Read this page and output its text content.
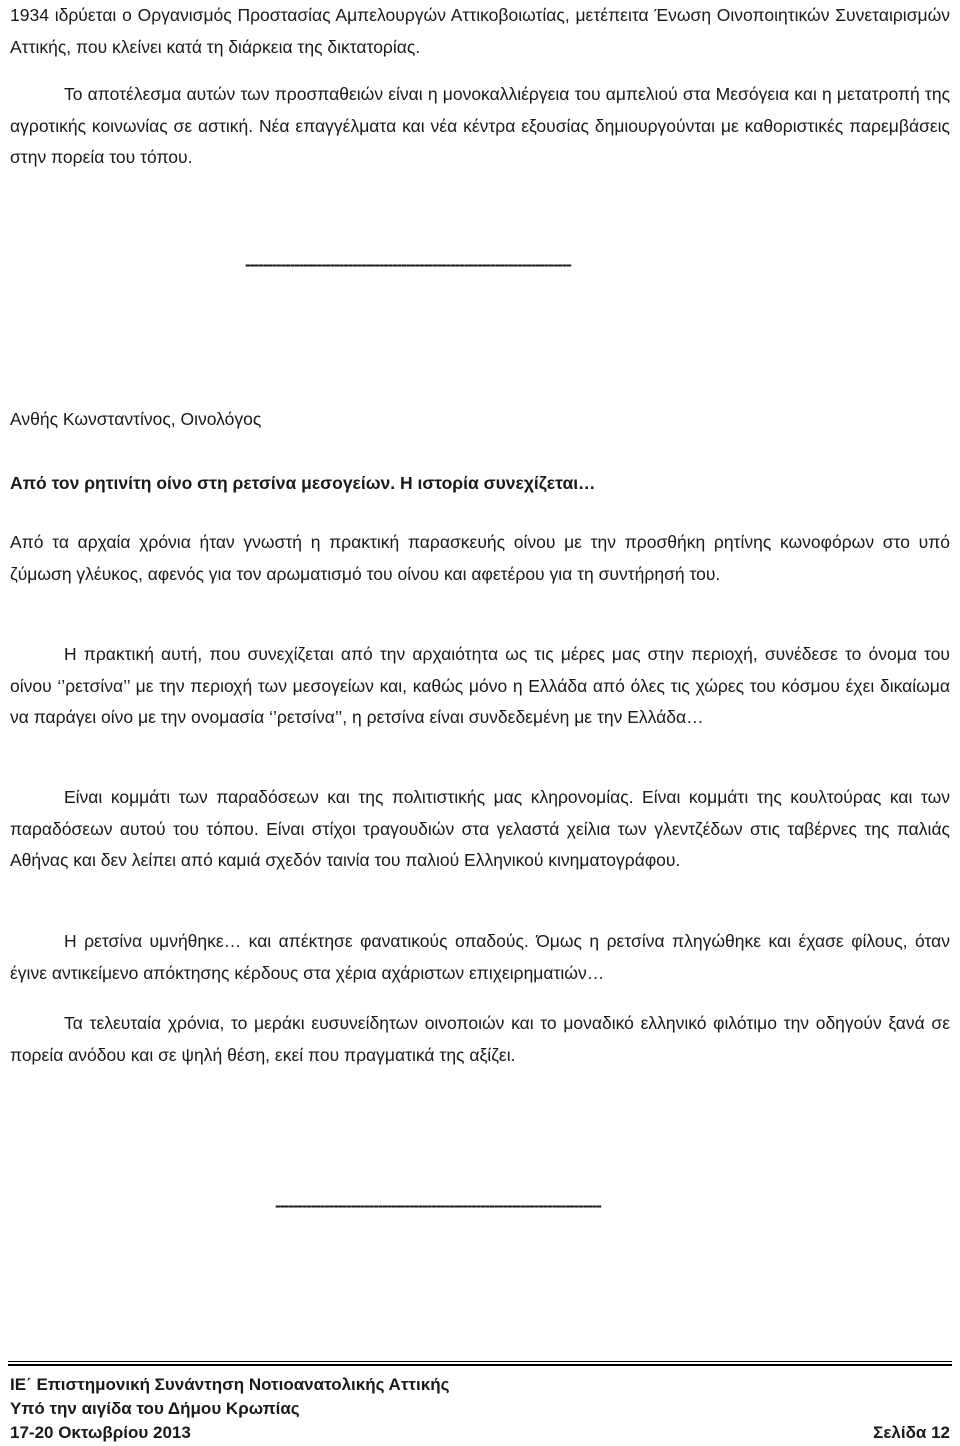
1934 ιδρύεται ο Οργανισμός Προστασίας Αμπελουργών Αττικοβοιωτίας, μετέπειτα Ένωση Οινοποιητικών Συνεταιρισμών Αττικής, που κλείνει κατά τη διάρκεια της δικτατορίας.

Το αποτέλεσμα αυτών των προσπαθειών είναι η μονοκαλλιέργεια του αμπελιού στα Μεσόγεια και η μετατροπή της αγροτικής κοινωνίας σε αστική. Νέα επαγγέλματα και νέα κέντρα εξουσίας δημιουργούνται με καθοριστικές παρεμβάσεις στην πορεία του τόπου.

-------------------------------------------------------------------------

Ανθής Κωνσταντίνος, Οινολόγος

Από τον ρητινίτη οίνο στη ρετσίνα μεσογείων. Η ιστορία συνεχίζεται…

Από τα αρχαία χρόνια ήταν γνωστή η πρακτική παρασκευής οίνου με την προσθήκη ρητίνης κωνοφόρων στο υπό ζύμωση γλέυκος, αφενός για τον αρωματισμό του οίνου και αφετέρου για τη συντήρησή του.

Η πρακτική αυτή, που συνεχίζεται από την αρχαιότητα ως τις μέρες μας στην περιοχή, συνέδεσε το όνομα του οίνου ‘’ρετσίνα’’ με την περιοχή των μεσογείων και, καθώς μόνο η Ελλάδα από όλες τις χώρες του κόσμου έχει δικαίωμα να παράγει οίνο με την ονομασία ‘’ρετσίνα’’, η ρετσίνα είναι συνδεδεμένη με την Ελλάδα…

Είναι κομμάτι των παραδόσεων και της πολιτιστικής μας κληρονομίας. Είναι κομμάτι της κουλτούρας και των παραδόσεων αυτού του τόπου. Είναι στίχοι τραγουδιών στα γελαστά χείλια των γλεντζέδων στις ταβέρνες της παλιάς Αθήνας και δεν λείπει από καμιά σχεδόν ταινία του παλιού Ελληνικού κινηματογράφου.

Η ρετσίνα υμνήθηκε… και απέκτησε φανατικούς οπαδούς. Όμως η ρετσίνα πληγώθηκε και έχασε φίλους, όταν έγινε αντικείμενο απόκτησης κέρδους στα χέρια αχάριστων επιχειρηματιών…

Τα τελευταία χρόνια, το μεράκι ευσυνείδητων οινοποιών και το μοναδικό ελληνικό φιλότιμο την οδηγούν ξανά σε πορεία ανόδου και σε ψηλή θέση, εκεί που πραγματικά της αξίζει.

-------------------------------------------------------------------------

ΙΕ΄ Επιστημονική Συνάντηση Νοτιοανατολικής Αττικής

Υπό την αιγίδα του Δήμου Κρωπίας

17-20 Οκτωβρίου 2013	Σελίδα 12
